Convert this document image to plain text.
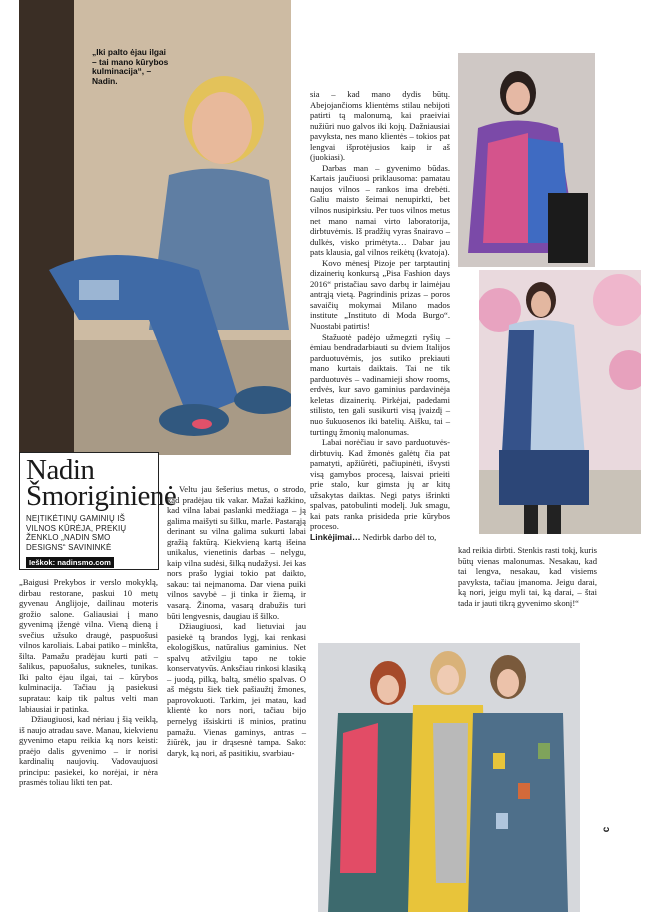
„Iki palto ėjau ilgai – tai mano kūrybos kulminacija“, – Nadin.
Nadin
Šmoriginienė
NEĮTIKĖTINŲ GAMINIŲ IŠ VILNOS KŪRĖJA, PREKIŲ ŽENKLO „NADIN SMO DESIGNS“ SAVININKĖ
Ieškok: nadinsmo.com

„Baigusi Prekybos ir verslo mokyklą, dirbau restorane, paskui 10 metų gyvenau Anglijoje, dailinau moteris grožio salone. Galiausiai į mano gyvenimą įžengė vilna. Vieną dieną į svečius užsuko draugė, paspuošusi vilnos karoliais. Labai patiko – minkšta, šilta. Pamažu pradėjau kurti pati – šalikus, papuošalus, sukneles, tunikas. Iki palto ėjau ilgai, tai – kūrybos kulminacija. Tačiau ją pasiekusi supratau: kaip tik paltus velti man labiausiai ir patinka.

Džiaugiuosi, kad nėriau į šią veiklą, iš naujo atradau save. Manau, kiekvienu gyvenimo etapu reikia ką nors keisti: praėjo dalis gyvenimo – ir norisi kardinalių naujovių. Vadovaujuosi principu: pasiekei, ko norėjai, ir nėra prasmės toliau likti ten pat.

Veltu jau šešerius metus, o strodo, kad pradėjau tik vakar. Mažai kažkino, kad vilna labai paslanki medžiaga – ją galima maišyti su šilku, marle. Pastarąją derinant su vilna galima sukurti labai gražią faktūrą. Kiekvieną kartą išeina unikalus, vienetinis darbas – nelygu, kaip vilna sudėsi, šilką nudažysi. Jei kas nors prašo lygiai tokio pat daikto, sakau: tai neįmanoma. Dar viena puiki vilnos savybė – ji tinka ir žiemą, ir vasarą. Žinoma, vasarą drabužis turi būti lengvesnis, daugiau iš šilko.

Džiaugiuosi, kad lietuviai jau pasiekė tą brandos lygį, kai renkasi ekologiškus, natūralius gaminius. Net spalvų atžvilgiu tapo ne tokie konservatyvūs. Anksčiau rinkosi klasiką – juodą, pilką, baltą, smėlio spalvas. O aš mėgstu šiek tiek pašiaužtį žmones, paprovokuoti. Tarkim, jei matau, kad klientė ko nors nori, tačiau bijo pernelyg išsiskirti iš minios, pratinu pamažu. Vienas gaminys, antras – žiūrėk, jau ir drąsesnė tampa. Sako: daryk, ką nori, aš pasitikiu, svarbiau-

sia – kad mano dydis būtų. Abejojančioms klientėms stilau nebijoti patirti tą malonumą, kai praeiviai nužiūri nuo galvos iki kojų. Dažniausiai pavyksta, nes mano klientės – tokios pat lengvai išprotėjusios kaip ir aš (juokiasi).

Darbas man – gyvenimo būdas. Kartais jaučiuosi priklausoma: pamatau naujos vilnos – rankos ima drebėti. Galiu maisto šeimai nenupirkti, bet vilnos nusipirksiu. Per tuos vilnos metus net mano namai virto laboratorija, dirbtuvėmis. Iš pradžių vyras šnairavo – dulkės, visko primėtyta… Dabar jau pats klausia, gal vilnos reikėtų (kvatoja).

Kovo mėnesį Pizoje per tarptautinį dizainerių konkursą „Pisa Fashion days 2016“ pristačiau savo darbų ir laimėjau antrąją vietą. Pagrindinis prizas – poros savaičių mokymai Milano mados institute „Instituto di Moda Burgo“. Nuostabi patirtis!

Stažuotė padėjo užmegzti ryšių – ėmiau bendradarbiauti su dviem Italijos parduotuvėmis, jos sutiko prekiauti mano kurtais daiktais. Tai ne tik parduotuvės – vadinamieji show rooms, erdvės, kur savo gaminius pardavinėja keletas dizainerių. Pirkėjai, padedami stilisto, ten gali susikurti visą įvaizdį – nuo šukuosenos iki batelių. Aišku, tai – turtingų žmonių malonumas.

Labai norėčiau ir savo parduotuvės-dirbtuvių. Kad žmonės galėtų čia pat pamatyti, apžiūrėti, pačiupinėti, išvysti visą gamybos procesą, laisvai prieiti prie stalo, kur gimsta jų ar kitų užsakytas daiktas. Negi patys išrinkti spalvas, patobulinti modelį. Juk smagu, kai pats ranka prisideda prie kūrybos proceso.

Linkėjimai… Nedirbk darbo dėl to,

kad reikia dirbti. Stenkis rasti tokį, kuris būtų vienas malonumas. Nesakau, kad tai lengva, nesakau, kad visiems pavyksta, tačiau įmanoma. Jeigu darai, ką nori, jeigu myli tai, ką darai, – štai tada ir jauti tikrą gyvenimo skonį!“

ↄ
